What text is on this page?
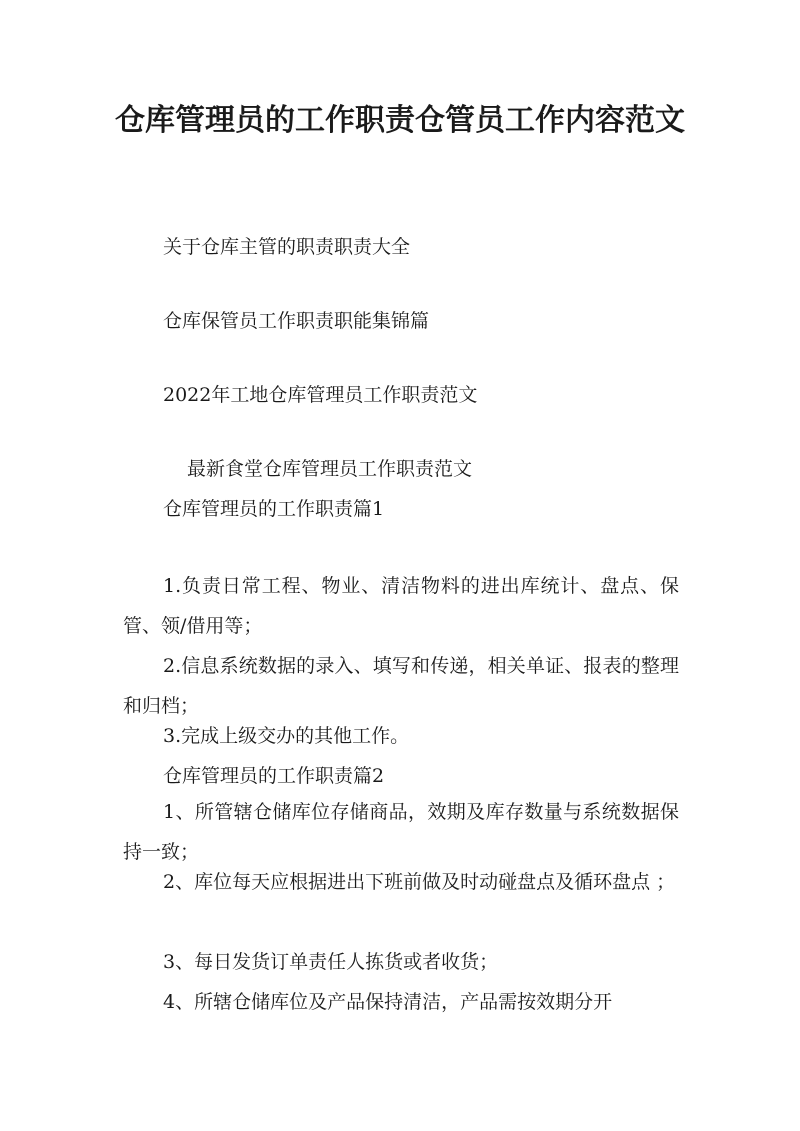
仓库管理员的工作职责仓管员工作内容范文

关于仓库主管的职责职责大全

仓库保管员工作职责职能集锦篇

2022年工地仓库管理员工作职责范文

最新食堂仓库管理员工作职责范文

仓库管理员的工作职责篇1

1.负责日常工程、物业、清洁物料的进出库统计、盘点、保管、领/借用等；

2.信息系统数据的录入、填写和传递，相关单证、报表的整理和归档；

3.完成上级交办的其他工作。

仓库管理员的工作职责篇2

1、所管辖仓储库位存储商品，效期及库存数量与系统数据保持一致；

2、库位每天应根据进出下班前做及时动碰盘点及循环盘点 ；

3、每日发货订单责任人拣货或者收货；

4、所辖仓储库位及产品保持清洁，产品需按效期分开
